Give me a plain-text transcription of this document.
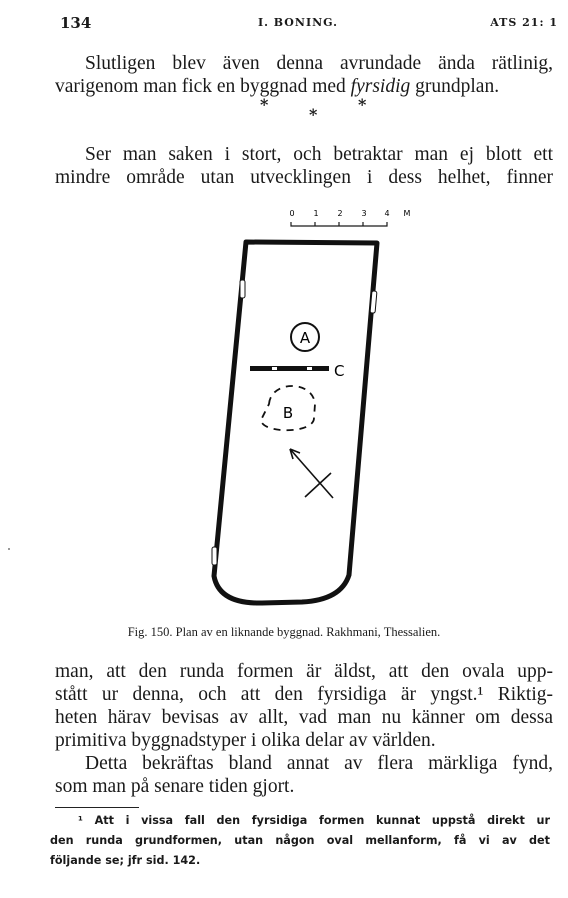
134	I. BONING.	ATS 21: 1
Slutligen blev även denna avrundade ända rätlinig,
varigenom man fick en byggnad med fyrsidig grundplan.
*
*
*
Ser man saken i stort, och betraktar man ej blott ett
mindre område utan utvecklingen i dess helhet, finner
0 1 2 3 4 M
A
C
B
Fig. 150. Plan av en liknande byggnad. Rakhmani, Thessalien.
man, att den runda formen är äldst, att den ovala upp-
stått ur denna, och att den fyrsidiga är yngst.¹ Riktig-
heten härav bevisas av allt, vad man nu känner om dessa
primitiva byggnadstyper i olika delar av världen.
Detta bekräftas bland annat av flera märkliga fynd,
som man på senare tiden gjort.
¹ Att i vissa fall den fyrsidiga formen kunnat uppstå direkt ur
den runda grundformen, utan någon oval mellanform, få vi av det
följande se; jfr sid. 142.
